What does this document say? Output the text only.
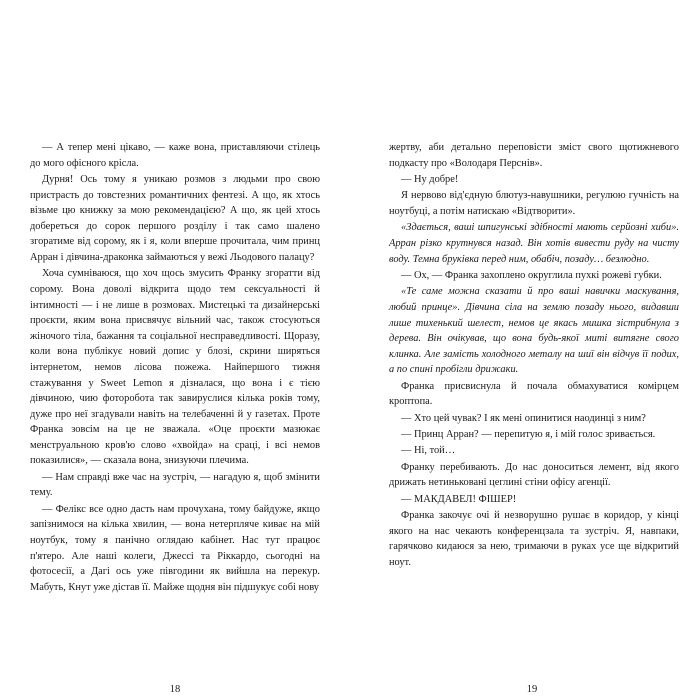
— А тепер мені цікаво, — каже вона, приставляючи стілець до мого офісного крісла.

Дурня! Ось тому я уникаю розмов з людьми про свою пристрасть до товстезних романтичних фентезі. А що, як хтось візьме цю книжку за мою рекомендацією? А що, як цей хтось добереться до сорок першого розділу і так само шалено згоратиме від сорому, як і я, коли вперше прочитала, чим принц Арран і дівчина-драконка займаються у вежі Льодового палацу?

Хоча сумніваюся, що хоч щось змусить Франку згоратти від сорому. Вона доволі відкрита щодо тем сексуальності й інтимності — і не лише в розмовах. Мистецькі та дизайнерські проєкти, яким вона присвячує вільний час, також стосуються жіночого тіла, бажання та соціальної несправедливості. Щоразу, коли вона публікує новий допис у блозі, скрини ширяться інтернетом, немов лісова пожежа. Найпершого тижня стажування у Sweet Lemon я дізналася, що вона і є тією дівчиною, чию фоторобота так завируслися кілька років тому, дуже про неї згадували навіть на телебаченні й у газетах. Проте Франка зовсім на це не зважала. «Оце проєкти мазюкає менструальною кров'ю слово «хвойда» на сраці, і всі немов показилися», — сказала вона, знизуючи плечима.

— Нам справді вже час на зустріч, — нагадую я, щоб змінити тему.

— Фелікс все одно дасть нам прочухана, тому байдуже, якщо запізнимося на кілька хвилин, — вона нетерпляче киває на мій ноутбук, тому я панічно оглядаю кабінет. Нас тут працює п'ятеро. Але наші колеги, Джессі та Ріккардо, сьогодні на фотосесії, а Дагі ось уже півгодини як вийшла на перекур. Мабуть, Кнут уже дістав її. Майже щодня він підшукує собі нову

жертву, аби детально переповісти зміст свого щотижневого подкасту про «Володаря Перснів».

— Ну добре!

Я нервово від'єдную блютуз-навушники, регулюю гучність на ноутбуці, а потім натискаю «Відтворити».

«Здається, ваші шпигунські здібності мають серйозні хиби». Арран різко крутнувся назад. Він хотів вивести руду на чисту воду. Темна бруківка перед ним, обабіч, позаду… безлюдно.

— Ох, — Франка захоплено округлила пухкі рожеві губки.

«Те саме можна сказати й про ваші навички маскування, любий принце». Дівчина сіла на землю позаду нього, видавши лише тихенький шелест, немов це якась мишка зістрибнула з дерева. Він очікував, що вона будь-якої миті витягне свого клинка. Але замість холодного металу на шиї він відчув її подих, а по спині пробігли дрижаки.

Франка присвиснула й почала обмахуватися комірцем кроптопа.

— Хто цей чувак? І як мені опинитися наодинці з ним?

— Принц Арран? — перепитую я, і мій голос зривається.

— Ні, той…

Франку перебивають. До нас доноситься лемент, від якого дрижать нетиньковані цеглині стіни офісу агенції.

— МАКДАВЕЛ! ФІШЕР!

Франка закочує очі й незворушно рушає в коридор, у кінці якого на нас чекають конференцзала та зустріч. Я, навпаки, гарячково кидаюся за нею, тримаючи в руках усе ще відкритий ноут.

18	19
